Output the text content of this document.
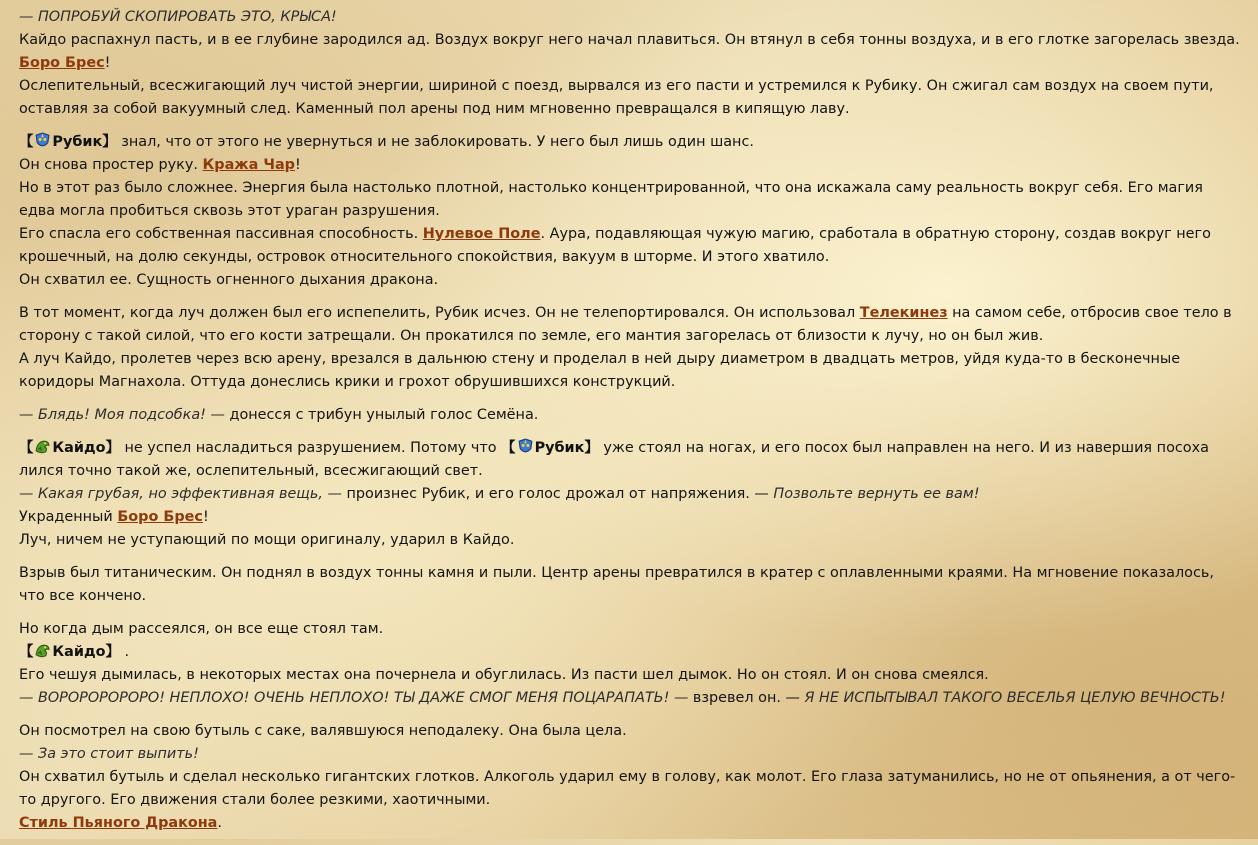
— ПОПРОБУЙ СКОПИРОВАТЬ ЭТО, КРЫСА!
Кайдо распахнул пасть, и в ее глубине зародился ад. Воздух вокруг него начал плавиться. Он втянул в себя тонны воздуха, и в его глотке загорелась звезда.
Боро Брес!
Ослепительный, всесжигающий луч чистой энергии, шириной с поезд, вырвался из его пасти и устремился к Рубику. Он сжигал сам воздух на своем пути, оставляя за собой вакуумный след. Каменный пол арены под ним мгновенно превращался в кипящую лаву.

【 Рубик】 знал, что от этого не увернуться и не заблокировать. У него был лишь один шанс.
Он снова простер руку. Кража Чар!
Но в этот раз было сложнее. Энергия была настолько плотной, настолько концентрированной, что она искажала саму реальность вокруг себя. Его магия едва могла пробиться сквозь этот ураган разрушения.
Его спасла его собственная пассивная способность. Нулевое Поле. Аура, подавляющая чужую магию, сработала в обратную сторону, создав вокруг него крошечный, на долю секунды, островок относительного спокойствия, вакуум в шторме. И этого хватило.
Он схватил ее. Сущность огненного дыхания дракона.

В тот момент, когда луч должен был его испепелить, Рубик исчез. Он не телепортировался. Он использовал Телекинез на самом себе, отбросив свое тело в сторону с такой силой, что его кости затрещали. Он прокатился по земле, его мантия загорелась от близости к лучу, но он был жив.
А луч Кайдо, пролетев через всю арену, врезался в дальнюю стену и проделал в ней дыру диаметром в двадцать метров, уйдя куда-то в бесконечные коридоры Магнахола. Оттуда донеслись крики и грохот обрушившихся конструкций.

— Блядь! Моя подсобка! — донесся с трибун унылый голос Семёна.

【 Кайдо】 не успел насладиться разрушением. Потому что 【 Рубик】 уже стоял на ногах, и его посох был направлен на него. И из навершия посоха лился точно такой же, ослепительный, всесжигающий свет.
— Какая грубая, но эффективная вещь, — произнес Рубик, и его голос дрожал от напряжения. — Позвольте вернуть ее вам!
Украденный Боро Брес!
Луч, ничем не уступающий по мощи оригиналу, ударил в Кайдо.

Взрыв был титаническим. Он поднял в воздух тонны камня и пыли. Центр арены превратился в кратер с оплавленными краями. На мгновение показалось, что все кончено.

Но когда дым рассеялся, он все еще стоял там.
【 Кайдо】 .
Его чешуя дымилась, в некоторых местах она почернела и обуглилась. Из пасти шел дымок. Но он стоял. И он снова смеялся.
— ВОРОРОРОРОРО! НЕПЛОХО! ОЧЕНЬ НЕПЛОХО! ТЫ ДАЖЕ СМОГ МЕНЯ ПОЦАРАПАТЬ! — взревел он. — Я НЕ ИСПЫТЫВАЛ ТАКОГО ВЕСЕЛЬЯ ЦЕЛУЮ ВЕЧНОСТЬ!

Он посмотрел на свою бутыль с саке, валявшуюся неподалеку. Она была цела.
— За это стоит выпить!
Он схватил бутыль и сделал несколько гигантских глотков. Алкоголь ударил ему в голову, как молот. Его глаза затуманились, но не от опьянения, а от чего-то другого. Его движения стали более резкими, хаотичными.
Стиль Пьяного Дракона.
